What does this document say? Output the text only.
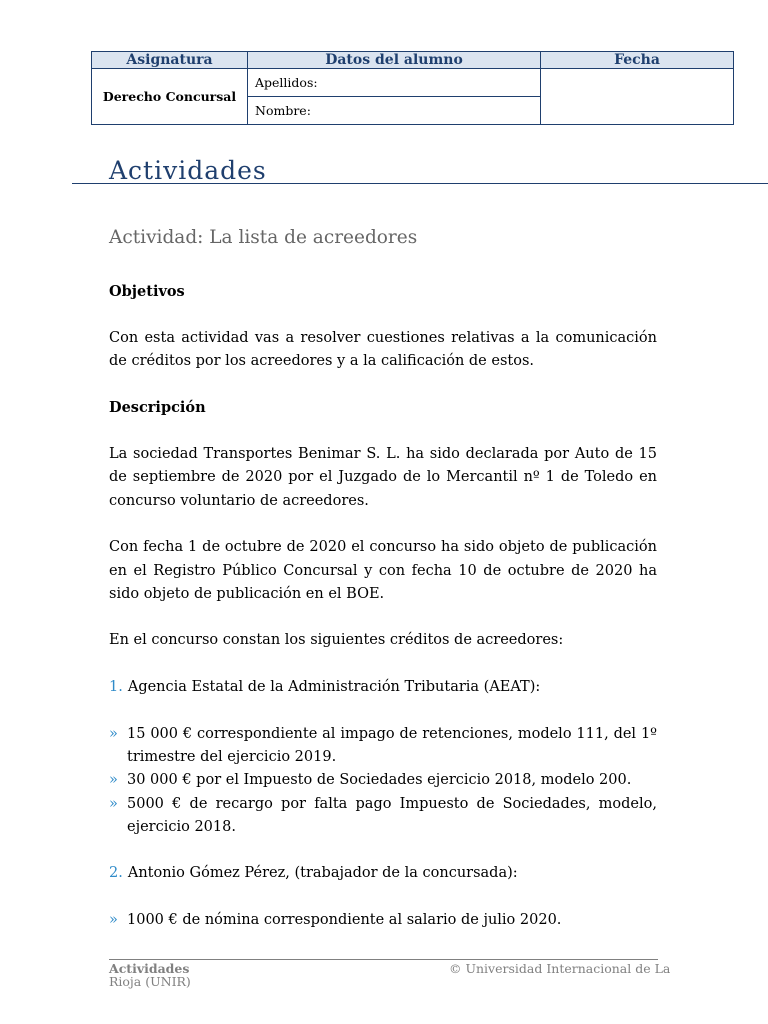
Asignatura	Datos del alumno	Fecha
Derecho Concursal	Apellidos:	
	Nombre:	
Actividades
Actividad: La lista de acreedores
Objetivos

Con esta actividad vas a resolver cuestiones relativas a la comunicación de créditos por los acreedores y a la calificación de estos.

Descripción

La sociedad Transportes Benimar S. L. ha sido declarada por Auto de 15 de septiembre de 2020 por el Juzgado de lo Mercantil nº 1 de Toledo en concurso voluntario de acreedores.

Con fecha 1 de octubre de 2020 el concurso ha sido objeto de publicación en el Registro Público Concursal y con fecha 10 de octubre de 2020 ha sido objeto de publicación en el BOE.

En el concurso constan los siguientes créditos de acreedores:

1. Agencia Estatal de la Administración Tributaria (AEAT):
» 15 000 € correspondiente al impago de retenciones, modelo 111, del 1º trimestre del ejercicio 2019.
» 30 000 € por el Impuesto de Sociedades ejercicio 2018, modelo 200.
» 5000 € de recargo por falta pago Impuesto de Sociedades, modelo, ejercicio 2018.
2. Antonio Gómez Pérez, (trabajador de la concursada):
» 1000 € de nómina correspondiente al salario de julio 2020.
Actividades
Rioja (UNIR)
© Universidad Internacional de La
